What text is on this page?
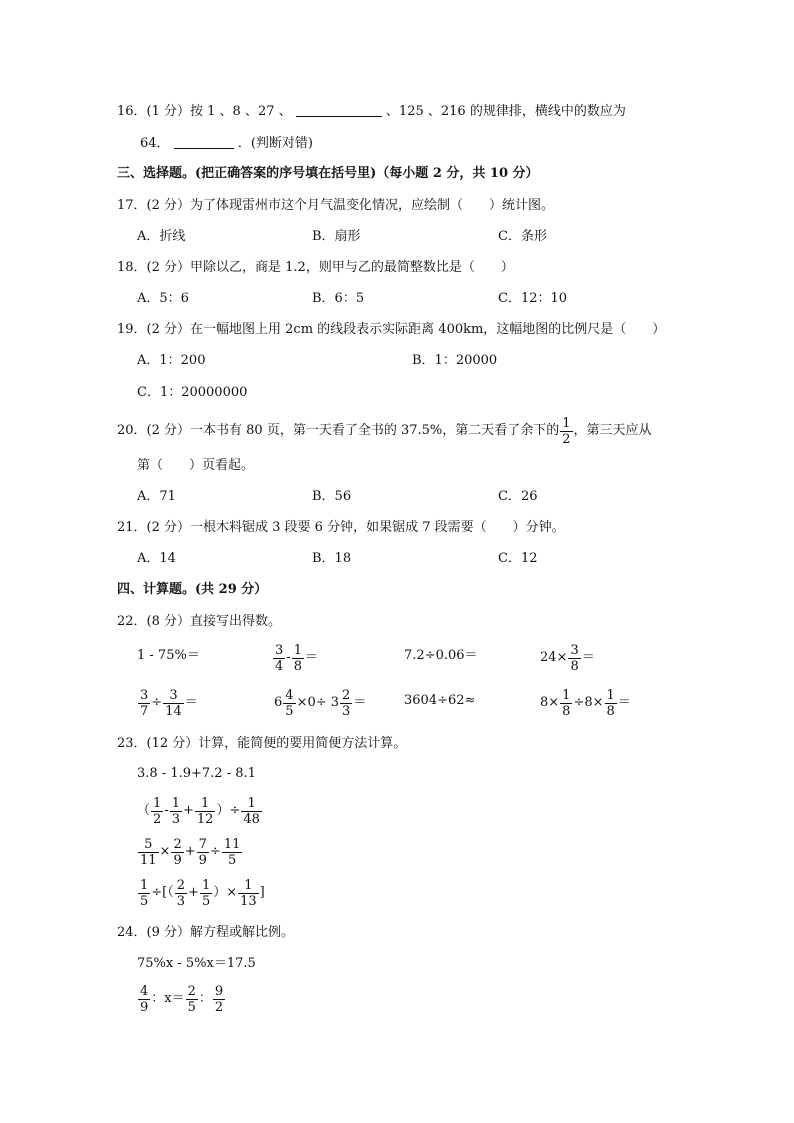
16．(1 分）按 1 、8 、27 、	、125 、216 的规律排，横线中的数应为
64．	．(判断对错)
三、选择题。(把正确答案的序号填在括号里)（每小题 2 分，共 10 分）
17．(2 分）为了体现雷州市这个月气温变化情况，应绘制（　　）统计图。
A．折线	B．扇形	C．条形
18．(2 分）甲除以乙，商是 1.2，则甲与乙的最简整数比是（　　）
A．5：6	B．6：5	C．12：10
19．(2 分）在一幅地图上用 2cm 的线段表示实际距离 400km，这幅地图的比例尺是（　　）
A．1：200	B．1：20000
C．1：20000000
20．(2 分）一本书有 80 页，第一天看了全书的 37.5%，第二天看了余下的 $\frac{1}{2}$ ，第三天应从
第（　　）页看起。
A．71	B．56	C．26
21．(2 分）一根木料锯成 3 段要 6 分钟，如果锯成 7 段需要（　　）分钟。
A．14	B．18	C．12
四、计算题。(共 29 分）
22．(8 分）直接写出得数。
1 - 75%＝	$\frac{3}{4} - \frac{1}{8}$ ＝	7.2÷0.06＝	$24\times \frac{3}{8}$ ＝
$\frac{3}{7} \div \frac{3}{14}$ ＝	$6 \frac{4}{5} \times 0\div 3 \frac{2}{3}$ ＝	3604÷62≈	$8\times \frac{1}{8} \div 8\times \frac{1}{8}$ ＝
23．(12 分）计算，能简便的要用简便方法计算。
3.8 - 1.9+7.2 - 8.1
（ $\frac{1}{2} - \frac{1}{3} + \frac{1}{12}$ ）÷ $\frac{1}{48}$
$\frac{5}{11} \times \frac{2}{9} + \frac{7}{9} \div \frac{11}{5}$
$\frac{1}{5}$ ÷[（ $\frac{2}{3} + \frac{1}{5}$ ）× $\frac{1}{13}$ ]
24．(9 分）解方程或解比例。
75%x - 5%x＝17.5
$\frac{4}{9}$ ：$x= \frac{2}{5}$ ： $\frac{9}{2}$
